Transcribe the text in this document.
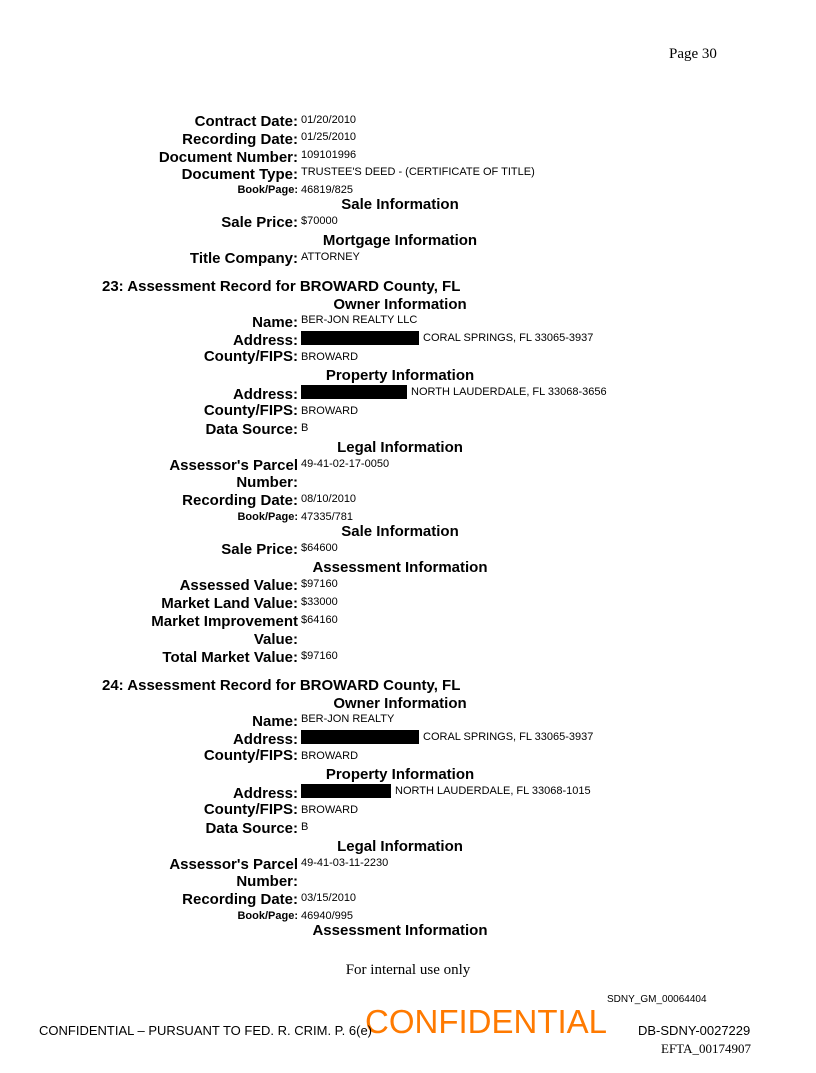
Page 30
Contract Date: 01/20/2010
Recording Date: 01/25/2010
Document Number: 109101996
Document Type: TRUSTEE'S DEED - (CERTIFICATE OF TITLE)
Book/Page: 46819/825
Sale Information
Sale Price: $70000
Mortgage Information
Title Company: ATTORNEY
23: Assessment Record for BROWARD County, FL
Owner Information
Name: BER-JON REALTY LLC
Address:	CORAL SPRINGS, FL 33065-3937
County/FIPS: BROWARD
Property Information
Address:	NORTH LAUDERDALE, FL 33068-3656
County/FIPS: BROWARD
Data Source: B
Legal Information
Assessor's Parcel 49-41-02-17-0050
Number:
Recording Date: 08/10/2010
Book/Page: 47335/781
Sale Information
Sale Price: $64600
Assessment Information
Assessed Value: $97160
Market Land Value: $33000
Market Improvement $64160
Value:
Total Market Value: $97160
24: Assessment Record for BROWARD County, FL
Owner Information
Name: BER-JON REALTY
Address:	CORAL SPRINGS, FL 33065-3937
County/FIPS: BROWARD
Property Information
Address:	NORTH LAUDERDALE, FL 33068-1015
County/FIPS: BROWARD
Data Source: B
Legal Information
Assessor's Parcel 49-41-03-11-2230
Number:
Recording Date: 03/15/2010
Book/Page: 46940/995
Assessment Information
For internal use only
SDNY_GM_00064404
CONFIDENTIAL
CONFIDENTIAL – PURSUANT TO FED. R. CRIM. P. 6(e)	DB-SDNY-0027229
EFTA_00174907
